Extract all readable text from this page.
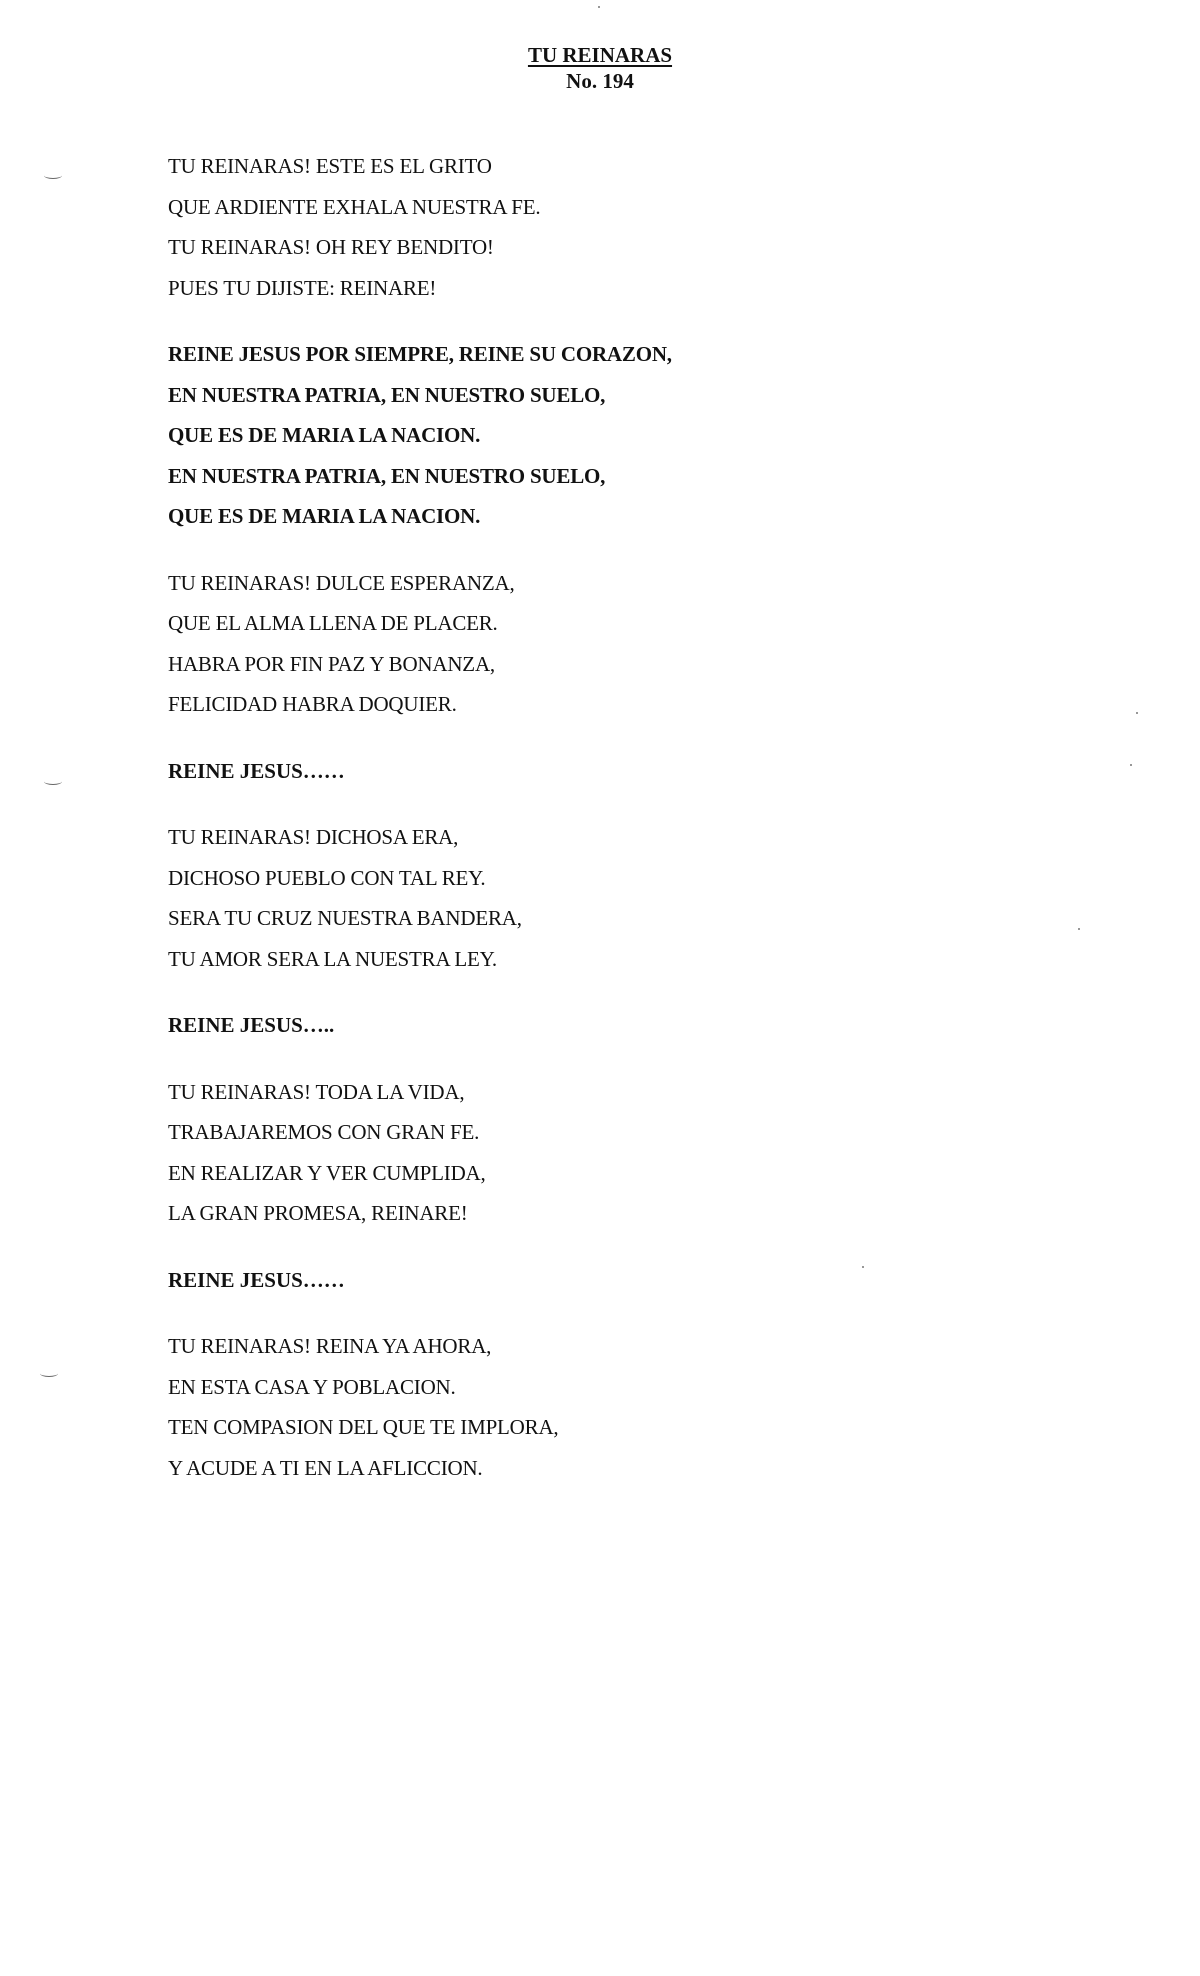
TU REINARAS
No. 194
TU REINARAS! ESTE ES EL GRITO
QUE ARDIENTE EXHALA NUESTRA FE.
TU REINARAS! OH REY BENDITO!
PUES TU DIJISTE: REINARE!
REINE JESUS POR SIEMPRE, REINE SU CORAZON,
EN NUESTRA PATRIA, EN NUESTRO SUELO,
QUE ES DE MARIA LA NACION.
EN NUESTRA PATRIA, EN NUESTRO SUELO,
QUE ES DE MARIA LA NACION.
TU REINARAS! DULCE ESPERANZA,
QUE EL ALMA LLENA DE PLACER.
HABRA POR FIN PAZ Y BONANZA,
FELICIDAD HABRA DOQUIER.
REINE JESUS……
TU REINARAS! DICHOSA ERA,
DICHOSO PUEBLO CON TAL REY.
SERA TU CRUZ NUESTRA BANDERA,
TU AMOR SERA LA NUESTRA LEY.
REINE JESUS…..
TU REINARAS! TODA LA VIDA,
TRABAJAREMOS CON GRAN FE.
EN REALIZAR Y VER CUMPLIDA,
LA GRAN PROMESA, REINARE!
REINE JESUS……
TU REINARAS! REINA YA AHORA,
EN ESTA CASA Y POBLACION.
TEN COMPASION DEL QUE TE IMPLORA,
Y ACUDE A TI EN LA AFLICCION.
